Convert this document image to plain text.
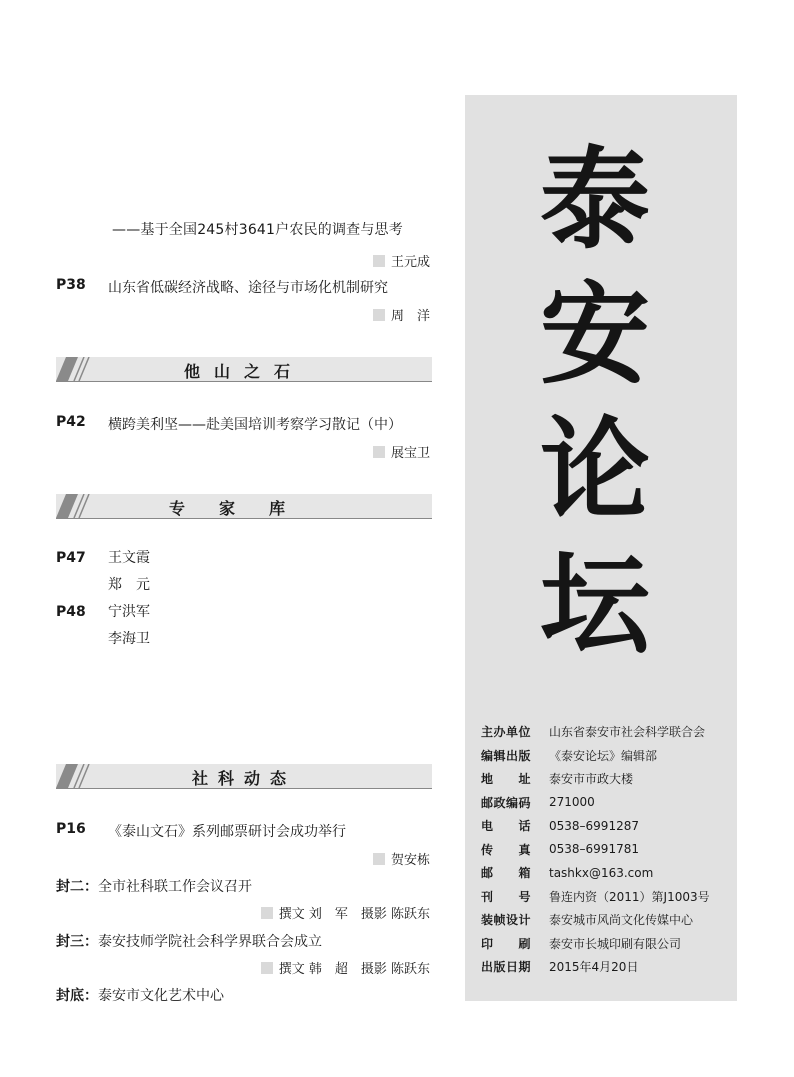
——基于全国245村3641户农民的调查与思考
王元成
P38	山东省低碳经济战略、途径与市场化机制研究
周　洋
他山之石
P42	横跨美利坚——赴美国培训考察学习散记（中）
展宝卫
专家库
P47	王文霞
郑　元
P48	宁洪军
李海卫
社科动态
P16	《泰山文石》系列邮票研讨会成功举行
贺安栋
封二： 全市社科联工作会议召开
撰文 刘　军　摄影 陈跃东
封三： 泰安技师学院社会科学界联合会成立
撰文 韩　超　摄影 陈跃东
封底： 泰安市文化艺术中心
泰
安
论
坛
主办单位	山东省泰安市社会科学联合会
编辑出版	《泰安论坛》编辑部
地　　址	泰安市市政大楼
邮政编码	271000
电　　话	0538–6991287
传　　真	0538–6991781
邮　　箱	tashkx@163.com
刊　　号	鲁连内资（2011）第J1003号
装帧设计	泰安城市风尚文化传媒中心
印　　刷	泰安市长城印刷有限公司
出版日期	2015年4月20日
